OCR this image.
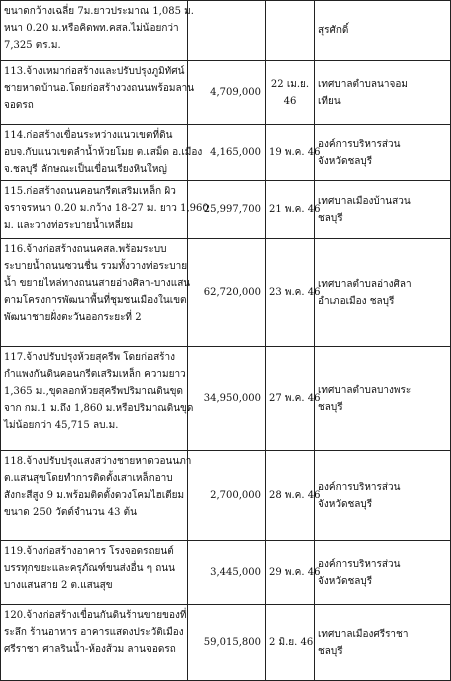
ขนาดกว้างเฉลี่ย 7ม.ยาวประมาณ 1,085 ม.
หนา 0.20 ม.หรือคิดพท.คสล.ไม่น้อยกว่า
7,325 ตร.ม.			สุรศักดิ์

113.จ้างเหมาก่อสร้างและปรับปรุงภูมิทัศน์
ชายหาดบ้านอ.โดยก่อสร้างวงถนนพร้อมลาน
จอดรถ	4,709,000	22 เม.ย.
46	เทศบาลตำบลนาจอม
เทียน

114.ก่อสร้างเขื่อนระหว่างแนวเขตที่ดิน
อบจ.กับแนวเขตลำน้ำห้วยโมย ต.เสม็ด อ.เมือง
จ.ชลบุรี ลักษณะเป็นเขื่อนเรียงหินใหญ่	4,165,000	19 พ.ค. 46	องค์การบริหารส่วน
จังหวัดชลบุรี

115.ก่อสร้างถนนคอนกรีตเสริมเหล็ก ผิว
จราจรหนา 0.20 ม.กว้าง 18-27 ม. ยาว 1,960
ม. และวางท่อระบายน้ำเหลี่ยม	25,997,700	21 พ.ค. 46	เทศบาลเมืองบ้านสวน
ชลบุรี

116.จ้างก่อสร้างถนนคสล.พร้อมระบบ
ระบายน้ำถนนซวนชื่น รวมทั้งวางท่อระบาย
น้ำ ขยายไหล่ทางถนนสายอ่างศิลา-บางแสน
ตามโครงการพัฒนาพื้นที่ชุมชนเมืองในเขต
พัฒนาชายฝั่งตะวันออกระยะที่ 2	62,720,000	23 พ.ค. 46	เทศบาลตำบลอ่างศิลา
อำเภอเมือง ชลบุรี

117.จ้างปรับปรุงห้วยสุครีพ โดยก่อสร้าง
กำแพงกันดินคอนกรีตเสริมเหล็ก ความยาว
1,365 ม.,ขุดลอกห้วยสุครีพปริมาณดินขุด
จาก กม.1 ม.ถึง 1,860 ม.หรือปริมาณดินขุด
ไม่น้อยกว่า 45,715 ลบ.ม.	34,950,000	27 พ.ค. 46	เทศบาลตำบลบางพระ
ชลบุรี

118.จ้างปรับปรุงแสงสว่างชายหาดวอนนภา
ต.แสนสุขโดยทำการติดตั้งเสาเหล็กอาบ
สังกะสีสูง 9 ม.พร้อมติดตั้งดวงโคมไฮเตียม
ขนาด 250 วัตต์จำนวน 43 ต้น	2,700,000	28 พ.ค. 46	องค์การบริหารส่วน
จังหวัดชลบุรี

119.จ้างก่อสร้างอาคาร โรงจอดรถยนต์
บรรทุกขยะและครุภัณฑ์ขนส่งอื่น ๆ ถนน
บางแสนสาย 2 ต.แสนสุข	3,445,000	29 พ.ค. 46	องค์การบริหารส่วน
จังหวัดชลบุรี

120.จ้างก่อสร้างเขื่อนกันดินร้านขายของที่
ระลึก ร้านอาหาร อาคารแสดงประวัติเมือง
ศรีราชา ศาลรินน้ำ-ห้องส้วม ลานจอดรถ	59,015,800	2 มิ.ย. 46	เทศบาลเมืองศรีราชา
ชลบุรี
